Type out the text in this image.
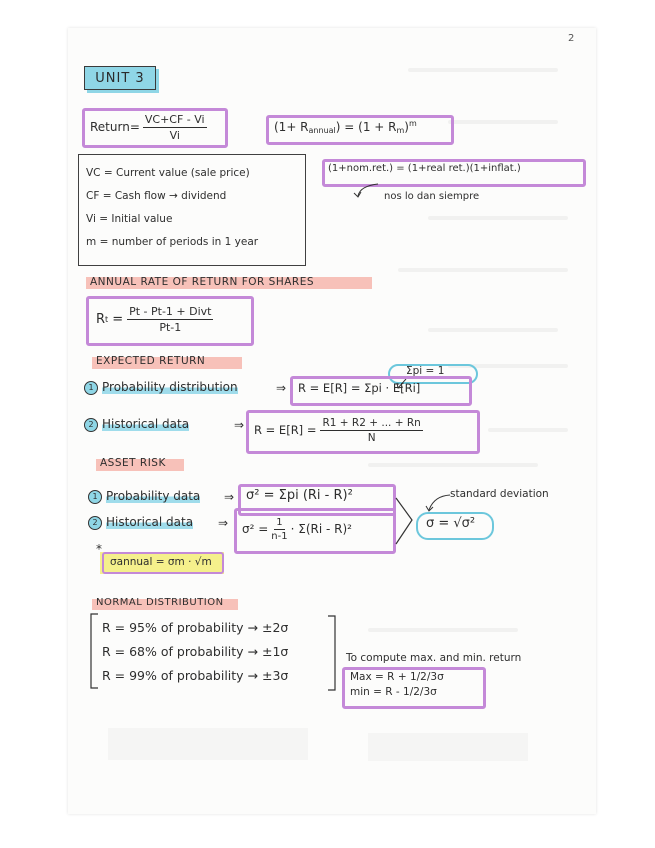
2
UNIT 3
Return= $\frac{VC+CF - Vi}{Vi}$	$(1+ R_{annual}) = (1 + R_m)^m$
VC = Current value (sale price)
CF = Cash flow → dividend
Vi = Initial value
m = number of periods in 1 year
(1+nom.ret.) = (1+real ret.)(1+inflat.)
nos lo dan siempre
ANNUAL RATE OF RETURN FOR SHARES
R $t = \frac{\text{Pt - Pt-1 + Divt}}{Pt-1}$
EXPECTED RETURN
Σpi = 1
1 Probability distribution	⇒ R = E[R] = Σpi · E[Ri]
2 Historical data	⇒ $R = E[R] = \frac{R1 + R2 + ... + Rn}{N}$
ASSET RISK
1 Probability data ⇒ σ² = Σpi (Ri - R)²
2 Historical data ⇒ $\sigma^2 = \frac{1}{n-1} \cdot \Sigma(Ri - R)^2$
standard deviation
σ = √σ²
*
σannual = σm · √m
NORMAL DISTRIBUTION
R = 95% of probability → ±2σ
R = 68% of probability → ±1σ
R = 99% of probability → ±3σ
To compute max. and min. return
Max = R + 1/2/3σ
min = R - 1/2/3σ
